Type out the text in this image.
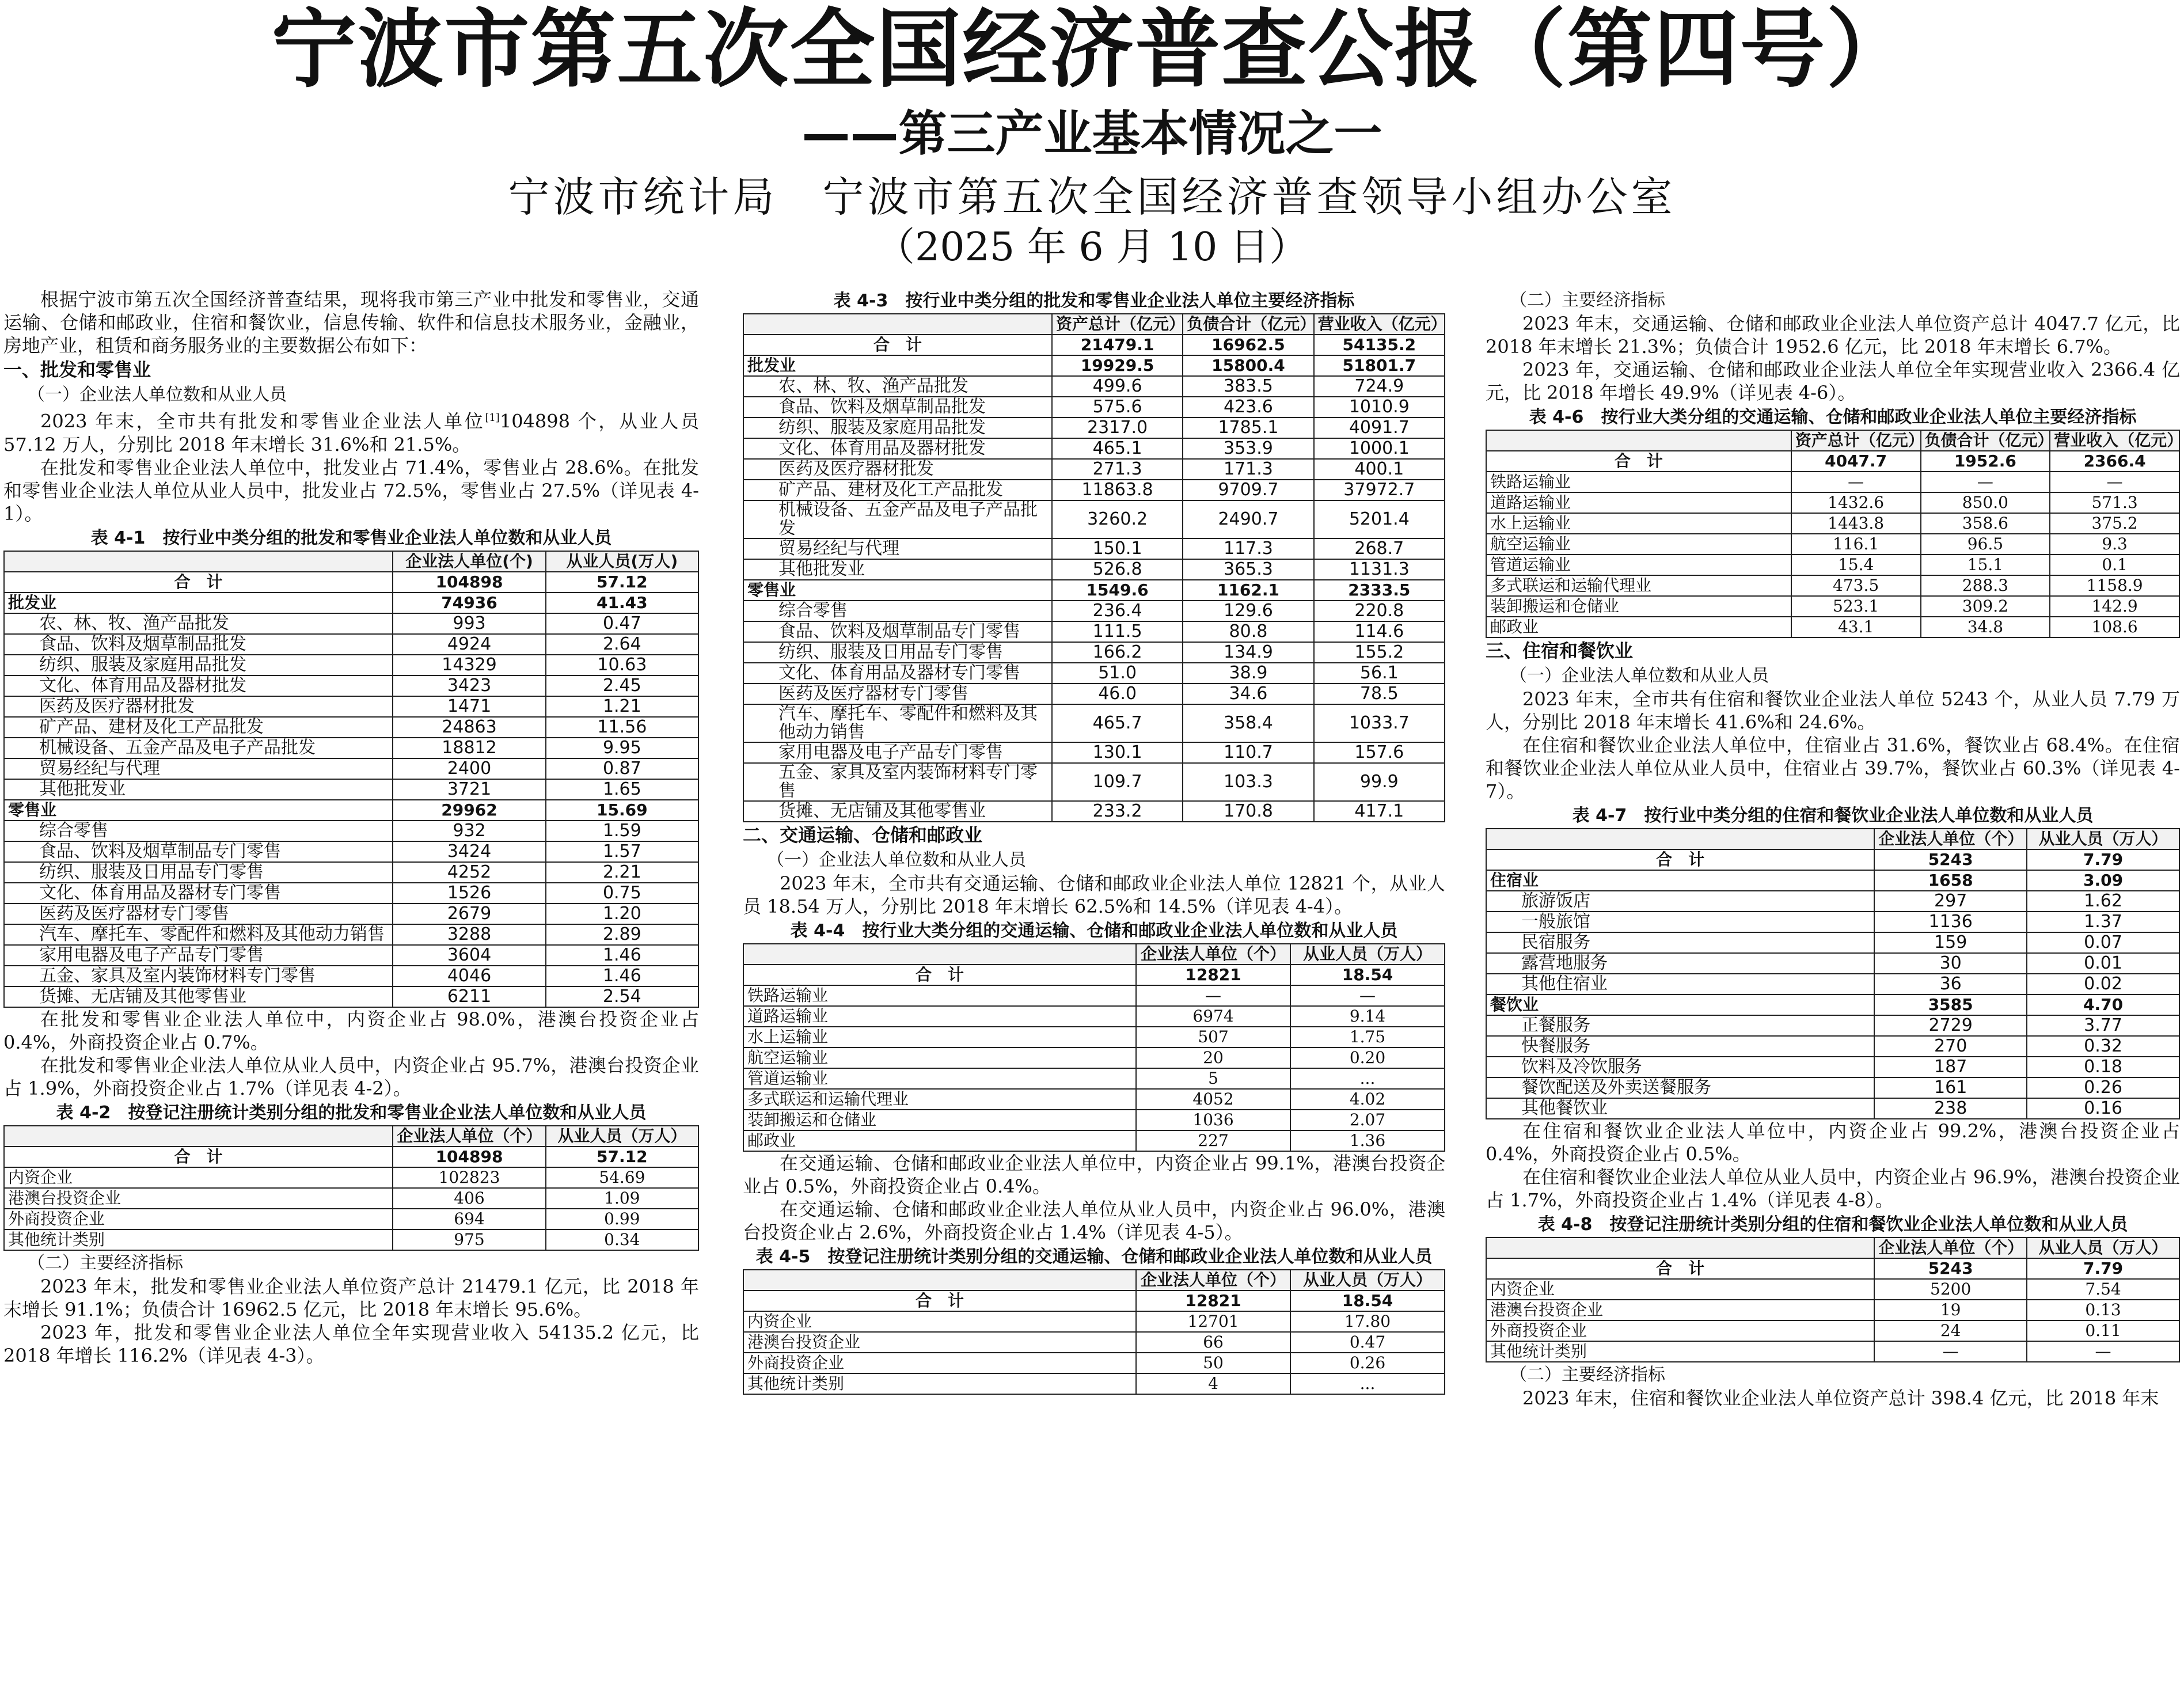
宁波市第五次全国经济普查公报（第四号）
——第三产业基本情况之一
宁波市统计局　宁波市第五次全国经济普查领导小组办公室
（2025 年 6 月 10 日）

根据宁波市第五次全国经济普查结果，现将我市第三产业中批发和零售业，交通运输、仓储和邮政业，住宿和餐饮业，信息传输、软件和信息技术服务业，金融业，房地产业，租赁和商务服务业的主要数据公布如下：

一、批发和零售业
（一）企业法人单位数和从业人员

2023 年末，全市共有批发和零售业企业法人单位[1]104898 个，从业人员 57.12 万人，分别比 2018 年末增长 31.6%和 21.5%。

在批发和零售业企业法人单位中，批发业占 71.4%，零售业占 28.6%。在批发和零售业企业法人单位从业人员中，批发业占 72.5%，零售业占 27.5%（详见表 4-1）。

表 4-1　按行业中类分组的批发和零售业企业法人单位数和从业人员
	企业法人单位(个)	从业人员(万人)
合　计	104898	57.12
批发业	74936	41.43
农、林、牧、渔产品批发	993	0.47
食品、饮料及烟草制品批发	4924	2.64
纺织、服装及家庭用品批发	14329	10.63
文化、体育用品及器材批发	3423	2.45
医药及医疗器材批发	1471	1.21
矿产品、建材及化工产品批发	24863	11.56
机械设备、五金产品及电子产品批发	18812	9.95
贸易经纪与代理	2400	0.87
其他批发业	3721	1.65
零售业	29962	15.69
综合零售	932	1.59
食品、饮料及烟草制品专门零售	3424	1.57
纺织、服装及日用品专门零售	4252	2.21
文化、体育用品及器材专门零售	1526	0.75
医药及医疗器材专门零售	2679	1.20
汽车、摩托车、零配件和燃料及其他动力销售	3288	2.89
家用电器及电子产品专门零售	3604	1.46
五金、家具及室内装饰材料专门零售	4046	1.46
货摊、无店铺及其他零售业	6211	2.54

在批发和零售业企业法人单位中，内资企业占 98.0%，港澳台投资企业占 0.4%，外商投资企业占 0.7%。

在批发和零售业企业法人单位从业人员中，内资企业占 95.7%，港澳台投资企业占 1.9%，外商投资企业占 1.7%（详见表 4-2）。

表 4-2　按登记注册统计类别分组的批发和零售业企业法人单位数和从业人员
	企业法人单位（个）	从业人员（万人）
合　计	104898	57.12
内资企业	102823	54.69
港澳台投资企业	406	1.09
外商投资企业	694	0.99
其他统计类别	975	0.34
（二）主要经济指标

2023 年末，批发和零售业企业法人单位资产总计 21479.1 亿元，比 2018 年末增长 91.1%；负债合计 16962.5 亿元，比 2018 年末增长 95.6%。

2023 年，批发和零售业企业法人单位全年实现营业收入 54135.2 亿元，比 2018 年增长 116.2%（详见表 4-3）。

表 4-3　按行业中类分组的批发和零售业企业法人单位主要经济指标
	资产总计（亿元）	负债合计（亿元）	营业收入（亿元）
合　计	21479.1	16962.5	54135.2
批发业	19929.5	15800.4	51801.7
农、林、牧、渔产品批发	499.6	383.5	724.9
食品、饮料及烟草制品批发	575.6	423.6	1010.9
纺织、服装及家庭用品批发	2317.0	1785.1	4091.7
文化、体育用品及器材批发	465.1	353.9	1000.1
医药及医疗器材批发	271.3	171.3	400.1
矿产品、建材及化工产品批发	11863.8	9709.7	37972.7
机械设备、五金产品及电子产品批发	3260.2	2490.7	5201.4
贸易经纪与代理	150.1	117.3	268.7
其他批发业	526.8	365.3	1131.3
零售业	1549.6	1162.1	2333.5
综合零售	236.4	129.6	220.8
食品、饮料及烟草制品专门零售	111.5	80.8	114.6
纺织、服装及日用品专门零售	166.2	134.9	155.2
文化、体育用品及器材专门零售	51.0	38.9	56.1
医药及医疗器材专门零售	46.0	34.6	78.5
汽车、摩托车、零配件和燃料及其他动力销售	465.7	358.4	1033.7
家用电器及电子产品专门零售	130.1	110.7	157.6
五金、家具及室内装饰材料专门零售	109.7	103.3	99.9
货摊、无店铺及其他零售业	233.2	170.8	417.1
二、交通运输、仓储和邮政业
（一）企业法人单位数和从业人员

2023 年末，全市共有交通运输、仓储和邮政业企业法人单位 12821 个，从业人员 18.54 万人，分别比 2018 年末增长 62.5%和 14.5%（详见表 4-4）。

表 4-4　按行业大类分组的交通运输、仓储和邮政业企业法人单位数和从业人员
	企业法人单位（个）	从业人员（万人）
合　计	12821	18.54
铁路运输业	—	—
道路运输业	6974	9.14
水上运输业	507	1.75
航空运输业	20	0.20
管道运输业	5	...
多式联运和运输代理业	4052	4.02
装卸搬运和仓储业	1036	2.07
邮政业	227	1.36

在交通运输、仓储和邮政业企业法人单位中，内资企业占 99.1%，港澳台投资企业占 0.5%，外商投资企业占 0.4%。

在交通运输、仓储和邮政业企业法人单位从业人员中，内资企业占 96.0%，港澳台投资企业占 2.6%，外商投资企业占 1.4%（详见表 4-5）。

表 4-5　按登记注册统计类别分组的交通运输、仓储和邮政业企业法人单位数和从业人员
	企业法人单位（个）	从业人员（万人）
合　计	12821	18.54
内资企业	12701	17.80
港澳台投资企业	66	0.47
外商投资企业	50	0.26
其他统计类别	4	...
（二）主要经济指标

2023 年末，交通运输、仓储和邮政业企业法人单位资产总计 4047.7 亿元，比 2018 年末增长 21.3%；负债合计 1952.6 亿元，比 2018 年末增长 6.7%。

2023 年，交通运输、仓储和邮政业企业法人单位全年实现营业收入 2366.4 亿元，比 2018 年增长 49.9%（详见表 4-6）。

表 4-6　按行业大类分组的交通运输、仓储和邮政业企业法人单位主要经济指标
	资产总计（亿元）	负债合计（亿元）	营业收入（亿元）
合　计	4047.7	1952.6	2366.4
铁路运输业	—	—	—
道路运输业	1432.6	850.0	571.3
水上运输业	1443.8	358.6	375.2
航空运输业	116.1	96.5	9.3
管道运输业	15.4	15.1	0.1
多式联运和运输代理业	473.5	288.3	1158.9
装卸搬运和仓储业	523.1	309.2	142.9
邮政业	43.1	34.8	108.6
三、住宿和餐饮业
（一）企业法人单位数和从业人员

2023 年末，全市共有住宿和餐饮业企业法人单位 5243 个，从业人员 7.79 万人，分别比 2018 年末增长 41.6%和 24.6%。

在住宿和餐饮业企业法人单位中，住宿业占 31.6%，餐饮业占 68.4%。在住宿和餐饮业企业法人单位从业人员中，住宿业占 39.7%，餐饮业占 60.3%（详见表 4-7）。

表 4-7　按行业中类分组的住宿和餐饮业企业法人单位数和从业人员
	企业法人单位（个）	从业人员（万人）
合　计	5243	7.79
住宿业	1658	3.09
旅游饭店	297	1.62
一般旅馆	1136	1.37
民宿服务	159	0.07
露营地服务	30	0.01
其他住宿业	36	0.02
餐饮业	3585	4.70
正餐服务	2729	3.77
快餐服务	270	0.32
饮料及冷饮服务	187	0.18
餐饮配送及外卖送餐服务	161	0.26
其他餐饮业	238	0.16

在住宿和餐饮业企业法人单位中，内资企业占 99.2%，港澳台投资企业占 0.4%，外商投资企业占 0.5%。

在住宿和餐饮业企业法人单位从业人员中，内资企业占 96.9%，港澳台投资企业占 1.7%，外商投资企业占 1.4%（详见表 4-8）。

表 4-8　按登记注册统计类别分组的住宿和餐饮业企业法人单位数和从业人员
	企业法人单位（个）	从业人员（万人）
合　计	5243	7.79
内资企业	5200	7.54
港澳台投资企业	19	0.13
外商投资企业	24	0.11
其他统计类别	—	—
（二）主要经济指标

2023 年末，住宿和餐饮业企业法人单位资产总计 398.4 亿元，比 2018 年末
